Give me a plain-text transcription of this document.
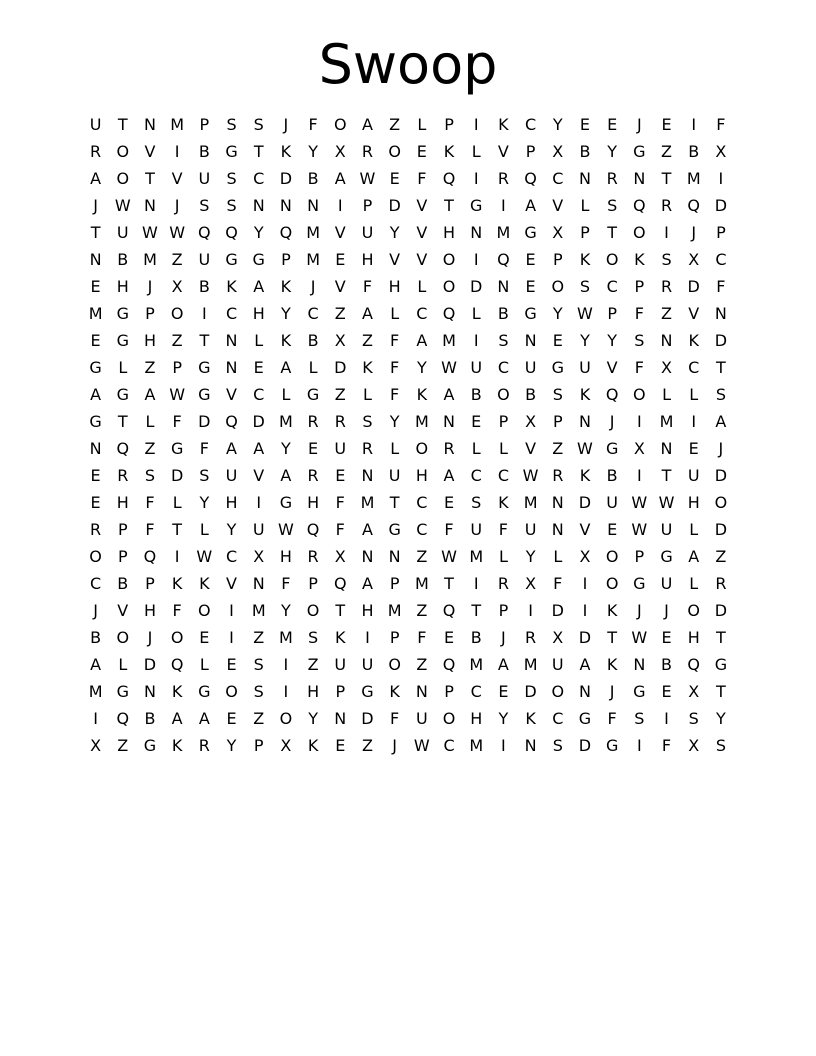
Swoop
U	T	N M P	S	S	J	F	O A	Z	L	P	I	K	C	Y	E	E	J	E	I	F
R O V	I	B G	T	K	Y	X	R O E	K	L	V	P	X	B	Y	G Z	B	X
A O	T	V U	S	C D B	A W E	F	Q	I	R Q C N R N	T M	I
J	W N	J	S	S	N N N	I	P	D V	T	G	I	A	V	L	S Q R Q D
T	U W W Q Q	Y	Q M V U	Y	V H N M G X	P	T	O	I	J	P
N B M Z U G G	P M E	H V	V O	I	Q E	P	K O K	S	X	C
E	H	J	X	B	K	A	K	J	V	F	H	L	O D N	E O S	C	P	R D	F
M G	P	O	I	C H	Y	C	Z	A	L	C Q	L	B G	Y W P	F	Z	V N
E G H Z	T	N	L	K	B	X	Z	F	A M	I	S	N	E	Y	Y	S	N K D
G	L	Z	P	G N	E	A	L	D K	F	Y W U C U G U V	F	X	C	T
A G A W G V	C	L	G Z	L	F	K	A	B O B	S	K Q O	L	L	S
G	T	L	F	D Q D M R	R	S	Y M N	E	P	X	P	N	J	I	M	I	A
N Q Z G	F	A	A	Y	E	U R	L	O R	L	L	V	Z W G X N	E	J
E	R	S D S	U V	A	R	E	N U H A	C	C W R	K	B	I	T	U D
E	H	F	L	Y	H	I	G H	F M T	C	E	S	K M N D U W W H O
R	P	F	T	L	Y	U W Q	F	A G C	F	U	F	U N V	E W U	L	D
O	P	Q	I	W C	X H R	X N N Z W M L	Y	L	X O	P	G A	Z
C	B	P	K	K	V N	F	P	Q A	P M T	I	R	X	F	I	O G U	L	R
J	V H	F	O	I	M Y	O	T	H M Z Q	T	P	I	D	I	K	J	J	O D
B O	J	O E	I	Z M S	K	I	P	F	E	B	J	R	X D	T W E	H	T
A	L	D Q	L	E	S	I	Z U U O Z Q M A M U A	K N B Q G
M G N K G O S	I	H	P	G K N	P	C	E D O N	J	G E	X	T
I	Q B	A	A	E	Z O	Y	N D	F	U O H	Y	K	C G	F	S	I	S	Y
X	Z G K	R	Y	P	X	K	E	Z	J	W C M	I	N	S D G	I	F	X	S
